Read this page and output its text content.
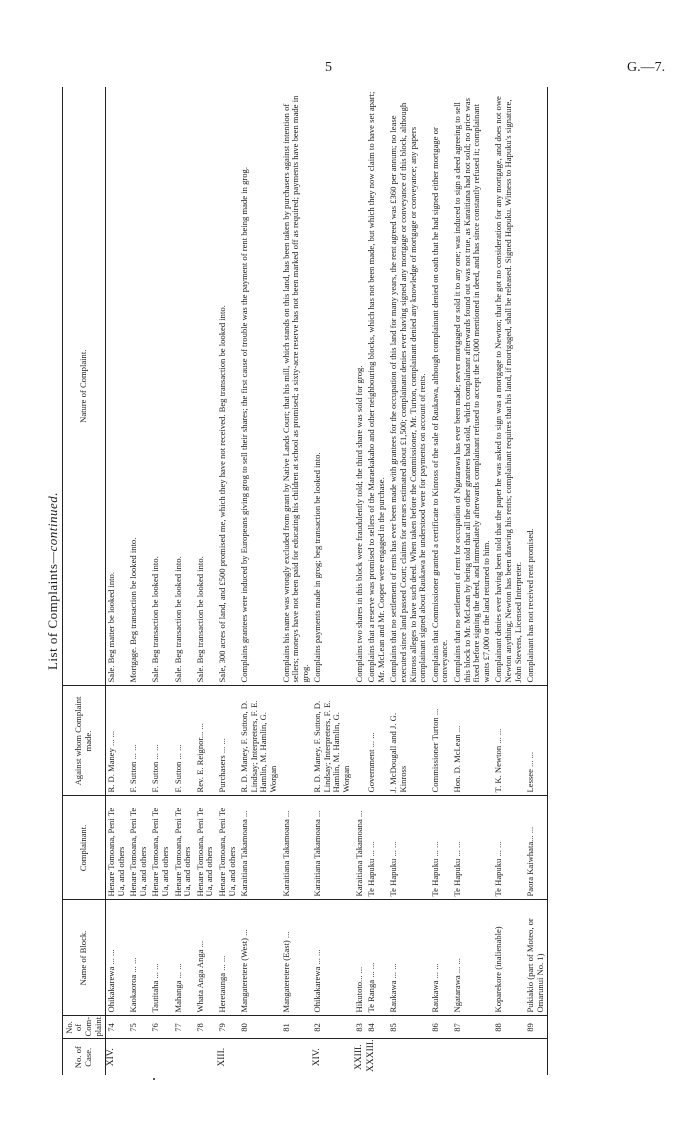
5	G.—7.
List of Complaints—continued.
No. of Case.	No. of Com-plaint.	Name of Block.	Complainant.	Against whom Complaint made.	Nature of Complaint.
XIV.	74	Ohikakarewa ... ...	Henare Tomoana, Peni Te Ua, and others	R. D. Maney ... ...	Sale. Beg matter be looked into.
	75	Kaokaoroa ... ...	Henare Tomoana, Peni Te Ua, and others	F. Sutton ... ...	Mortgage. Beg transaction be looked into.
	76	Tautitaha ... ...	Henare Tomoana, Peni Te Ua, and others	F. Sutton ... ...	Sale. Beg transaction be looked into.
	77	Mahanga ... ...	Henare Tomoana, Peni Te Ua, and others	F. Sutton ... ...	Sale. Beg transaction be looked into.
	78	Whata Anga Anga ...	Henare Tomoana, Peni Te Ua, and others	Rev. E. Reignor... ...	Sale. Beg transaction be looked into.
XIII.	79	Heretaunga ... ...	Henare Tomoana, Peni Te Ua, and others	Purchasers ... ...	Sale, 300 acres of land, and £500 promised me, which they have not received. Beg transaction be looked into.
	80	Mangateretere (West) ...	Karaitiana Takamoana ...	R. D. Maney, F. Sutton, D. Lindsay; Interpreters, F. E. Hamlin, M. Hamlin, G. Worgan	Complains grantees were induced by Europeans giving grog to sell their shares; the first cause of trouble was the payment of rent being made in grog.
	81	Mangateretere (East) ...	Karaitiana Takamoana ...		Complains his name was wrongly excluded from grant by Native Lands Court; that his mill, which stands on this land, has been taken by purchasers against intention of sellers; moneys have not been paid for educating his children at school as promised; a sixty-acre reserve has not been marked off as required; payments have been made in grog.
XIV.	82	Ohikakarewa ... ...	Karaitiana Takamoana ...	R. D. Maney, F. Sutton, D. Lindsay; Interpreters, F. E. Hamlin, M. Hamlin, G. Worgan	Complains payments made in grog; beg transaction be looked into.
XXIII.	83	Hikutoto... ...	Karaitiana Takamoana ...		Complains two shares in this block were fraudulently told; the third share was sold for grog.
XXXIII.	84	Te Ranga ... ...	Te Hapuku ... ...	Government ... ...	Complains that a reserve was promised to sellers of the Maraekakaho and other neighbouring blocks, which has not been made, but which they now claim to have set apart; Mr. McLean and Mr. Cooper were engaged in the purchase.
	85	Raukawa ... ...	Te Hapuku ... ...	J. McDougall and J. G. Kinross	Complains that no settlement of rents has ever been made with grantees for the occupation of this land for many years, the rent agreed was £360 per annum; no lease executed since land passed Court; claims for arrears estimated about £1,500; complainant denies ever having signed any mortgage or conveyance of this block, although Kinross alleges to have such deed. When taken before the Commissioner, Mr. Turton, complainant denied any knowledge of mortgage or conveyance; any papers complainant signed about Raukawa he understood were for payments on account of rents.
	86	Raukawa ... ...	Te Hapuku ... ...	Commissioner Turton ...	Complains that Commissioner granted a certificate to Kinross of the sale of Raukawa, although complainant denied on oath that he had signed either mortgage or conveyance.
	87	Ngatarawa ... ...	Te Hapuku ... ...	Hon. D. McLean ...	Complains that no settlement of rent for occupation of Ngatarawa has ever been made; never mortgaged or sold it to any one; was induced to sign a deed agreeing to sell this block to Mr. McLean by being told that all the other grantees had sold, which complainant afterwards found out was not true, as Karaitiana had not sold; no price was fixed before signing the deed, and immediately afterwards complainant refused to accept the £3,000 mentioned in deed, and has since constantly refused it; complainant wants £7,000 or the land returned to him.
	88	Koparekore (inalienable)	Te Hapuku ... ...	T. K. Newton ... ...	Complainant denies ever having been told that the paper he was asked to sign was a mortgage to Newton; that he got no consideration for any mortgage, and does not owe Newton anything; Newton has been drawing his rents; complainant requires that his land, if mortgaged, shall be released. Signed Hapuku. Witness to Hapuku's signature, John Stevens, Licensed Interpreter.
	89	Pukiakio (part of Moteo, or Omarunui No. 1)	Paora Kaiwhata... ...	Lessee ... ...	Complainant has not received rent promised.
